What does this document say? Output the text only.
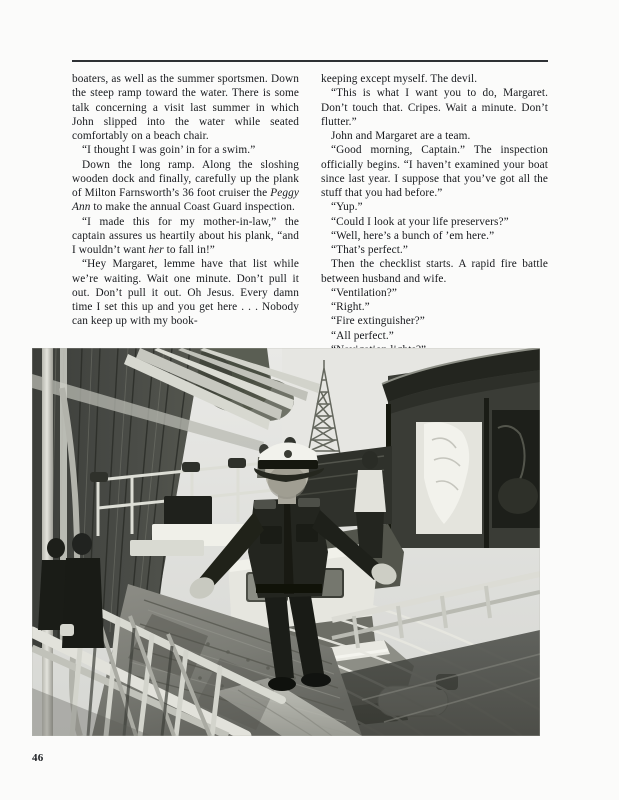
boaters, as well as the summer sportsmen. Down the steep ramp toward the water. There is some talk concerning a visit last summer in which John slipped into the water while seated comfortably on a beach chair.

“I thought I was goin’ in for a swim.”

Down the long ramp. Along the sloshing wooden dock and finally, carefully up the plank of Milton Farnsworth’s 36 foot cruiser the Peggy Ann to make the annual Coast Guard inspection.

“I made this for my mother-in-law,” the captain assures us heartily about his plank, “and I wouldn’t want her to fall in!”

“Hey Margaret, lemme have that list while we’re waiting. Wait one minute. Don’t pull it out. Don’t pull it out. Oh Jesus. Every damn time I set this up and you get here . . . Nobody can keep up with my book-

keeping except myself. The devil.

“This is what I want you to do, Margaret. Don’t touch that. Cripes. Wait a minute. Don’t flutter.”

John and Margaret are a team.

“Good morning, Captain.” The inspection officially begins. “I haven’t examined your boat since last year. I suppose that you’ve got all the stuff that you had before.”

“Yup.”

“Could I look at your life preservers?”

“Well, here’s a bunch of ’em here.”

“That’s perfect.”

Then the checklist starts. A rapid fire battle between husband and wife.

“Ventilation?”

“Right.”

“Fire extinguisher?”

“All perfect.”

46
